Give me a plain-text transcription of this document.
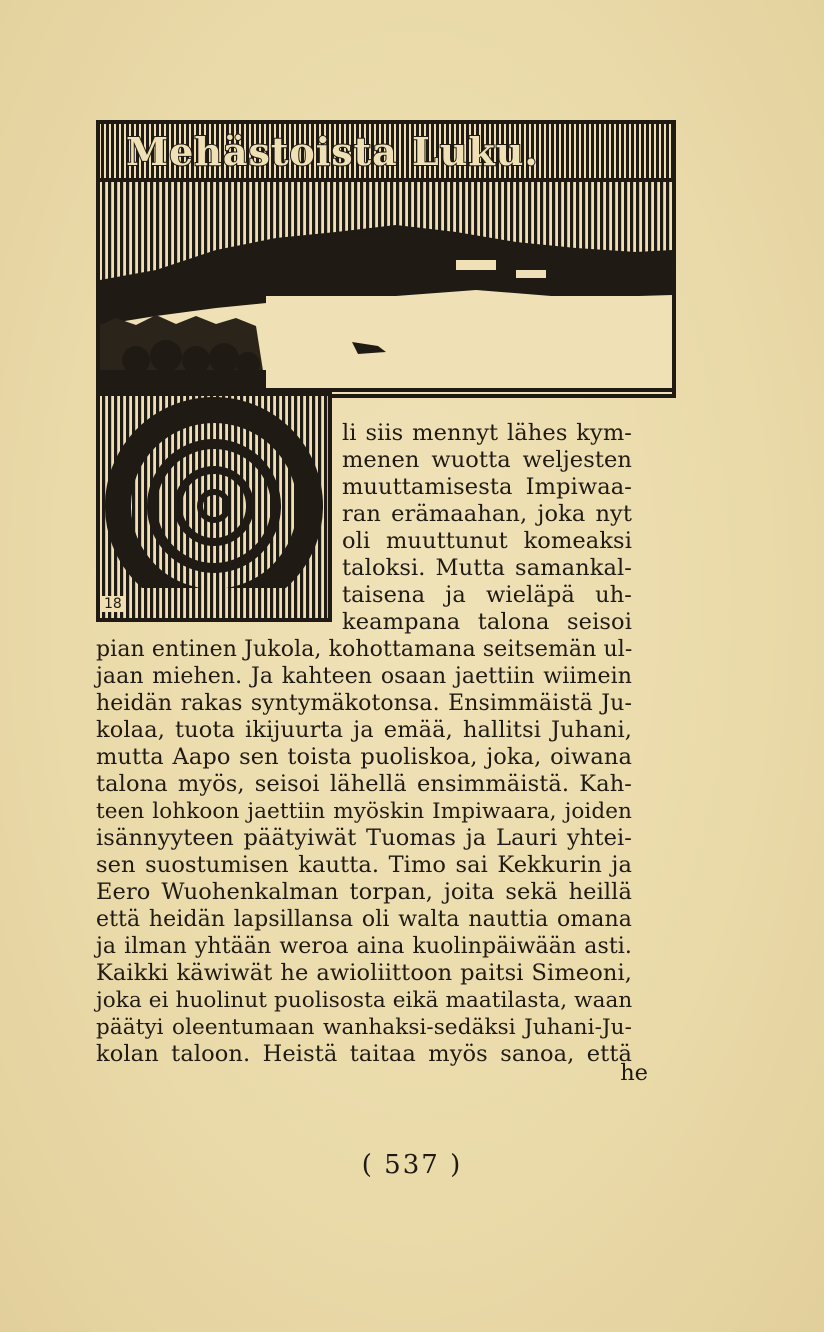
Mehästoista Luku.
18
li siis mennyt lähes kym-
menen wuotta weljesten
muuttamisesta Impiwaa-
ran erämaahan, joka nyt
oli muuttunut komeaksi
taloksi. Mutta samankal-
taisena ja wieläpä uh-
keampana talona seisoi
pian entinen Jukola, kohottamana seitsemän ul-
jaan miehen. Ja kahteen osaan jaettiin wiimein
heidän rakas syntymäkotonsa. Ensimmäistä Ju-
kolaa, tuota ikijuurta ja emää, hallitsi Juhani,
mutta Aapo sen toista puoliskoa, joka, oiwana
talona myös, seisoi lähellä ensimmäistä. Kah-
teen lohkoon jaettiin myöskin Impiwaara, joiden
isännyyteen päätyiwät Tuomas ja Lauri yhtei-
sen suostumisen kautta. Timo sai Kekkurin ja
Eero Wuohenkalman torpan, joita sekä heillä
että heidän lapsillansa oli walta nauttia omana
ja ilman yhtään weroa aina kuolinpäiwään asti.
Kaikki käwiwät he awioliittoon paitsi Simeoni,
joka ei huolinut puolisosta eikä maatilasta, waan
päätyi oleentumaan wanhaksi-sedäksi Juhani-Ju-
kolan taloon. Heistä taitaa myös sanoa, että
he
( 537 )
